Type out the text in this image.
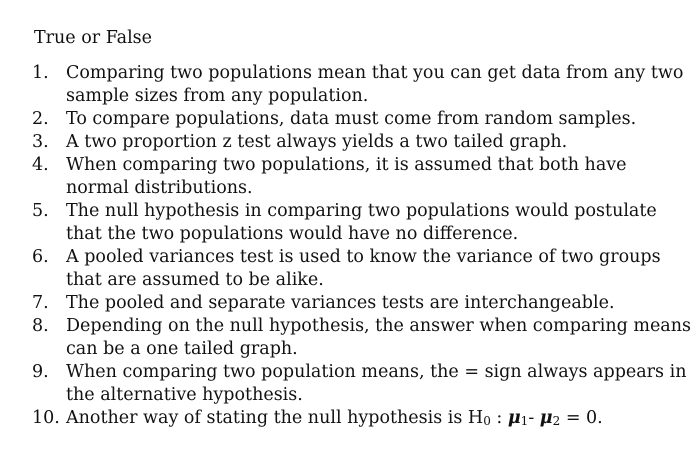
True or False
1. Comparing two populations mean that you can get data from any two sample sizes from any population.
2. To compare populations, data must come from random samples.
3. A two proportion z test always yields a two tailed graph.
4. When comparing two populations, it is assumed that both have normal distributions.
5. The null hypothesis in comparing two populations would postulate that the two populations would have no difference.
6. A pooled variances test is used to know the variance of two groups that are assumed to be alike.
7. The pooled and separate variances tests are interchangeable.
8. Depending on the null hypothesis, the answer when comparing means can be a one tailed graph.
9. When comparing two population means, the = sign always appears in the alternative hypothesis.
10. Another way of stating the null hypothesis is H0 : μ1- μ2 = 0.
